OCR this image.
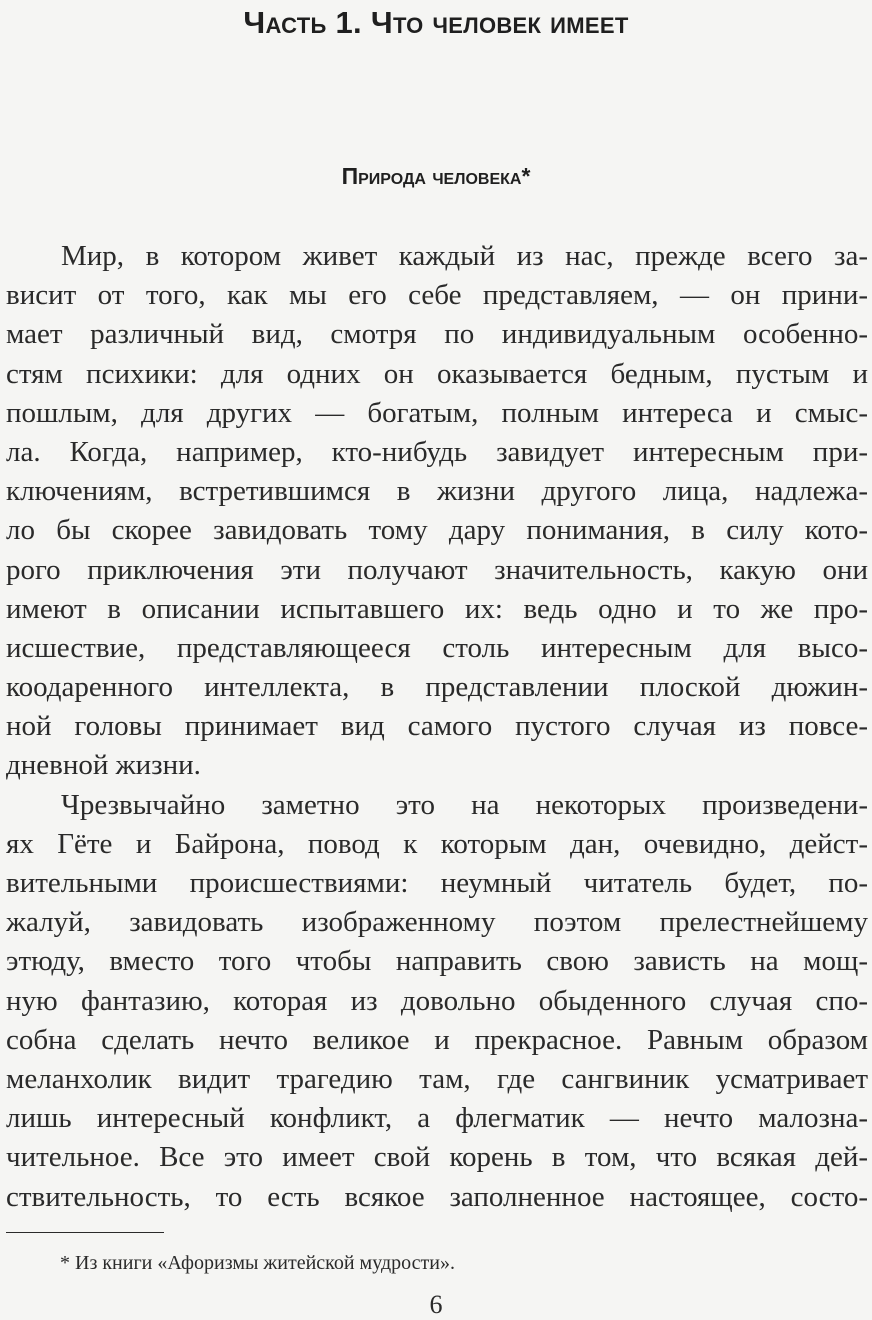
Часть 1. Что человек имеет
Природа человека*
Мир, в котором живет каждый из нас, прежде всего за-
висит от того, как мы его себе представляем, — он прини-
мает различный вид, смотря по индивидуальным особенно-
стям психики: для одних он оказывается бедным, пустым и
пошлым, для других — богатым, полным интереса и смыс-
ла. Когда, например, кто-нибудь завидует интересным при-
ключениям, встретившимся в жизни другого лица, надлежа-
ло бы скорее завидовать тому дару понимания, в силу кото-
рого приключения эти получают значительность, какую они
имеют в описании испытавшего их: ведь одно и то же про-
исшествие, представляющееся столь интересным для высо-
коодаренного интеллекта, в представлении плоской дюжин-
ной головы принимает вид самого пустого случая из повсе-
дневной жизни.
Чрезвычайно заметно это на некоторых произведени-
ях Гёте и Байрона, повод к которым дан, очевидно, дейст-
вительными происшествиями: неумный читатель будет, по-
жалуй, завидовать изображенному поэтом прелестнейшему
этюду, вместо того чтобы направить свою зависть на мощ-
ную фантазию, которая из довольно обыденного случая спо-
собна сделать нечто великое и прекрасное. Равным образом
меланхолик видит трагедию там, где сангвиник усматривает
лишь интересный конфликт, а флегматик — нечто малозна-
чительное. Все это имеет свой корень в том, что всякая дей-
ствительность, то есть всякое заполненное настоящее, состо-
* Из книги «Афоризмы житейской мудрости».
6
